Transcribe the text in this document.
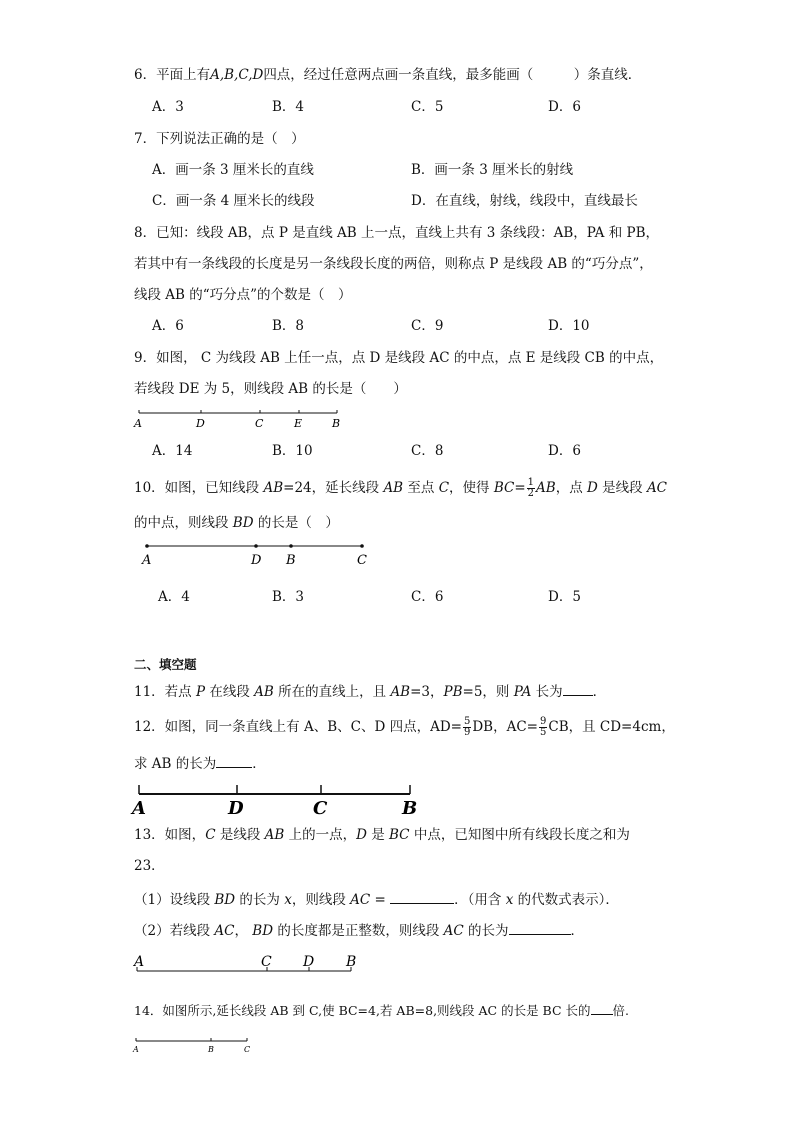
6．平面上有A,B,C,D四点，经过任意两点画一条直线，最多能画（　　　）条直线．
A．3	B．4	C．5	D．6
7．下列说法正确的是（　）
A．画一条 3 厘米长的直线	B．画一条 3 厘米长的射线
C．画一条 4 厘米长的线段	D．在直线，射线，线段中，直线最长
8．已知：线段 AB，点 P 是直线 AB 上一点，直线上共有 3 条线段：AB，PA 和 PB，
若其中有一条线段的长度是另一条线段长度的两倍，则称点 P 是线段 AB 的“巧分点”，
线段 AB 的“巧分点”的个数是（　）
A．6	B．8	C．9	D．10
9．如图， C 为线段 AB 上任一点，点 D 是线段 AC 的中点，点 E 是线段 CB 的中点，
若线段 DE 为 5，则线段 AB 的长是（　　）
A	D	C	E	B
A．14	B．10	C．8	D．6
10．如图，已知线段 AB=24，延长线段 AB 至点 C，使得 $BC= \frac{1}{2}$ AB，点 D 是线段 AC
的中点，则线段 BD 的长是（　）
A	D B	C
A．4	B．3	C．6	D．5
二、填空题
11．若点 P 在线段 AB 所在的直线上，且 AB=3，PB=5，则 PA 长为 ．
12．如图，同一条直线上有 A、B、C、D 四点，$AD= \frac{5}{9}$ DB，$AC= \frac{9}{5}$ CB，且 CD=4cm，
求 AB 的长为	．
A	D	C	B
13．如图，C 是线段 AB 上的一点，D 是 BC 中点，已知图中所有线段长度之和为
23．
（1）设线段 BD 的长为 x，则线段 AC =	．（用含 x 的代数式表示）．
（2）若线段 AC， BD 的长度都是正整数，则线段 AC 的长为	．
A	C D B
14．如图所示,延长线段 AB 到 C,使 BC=4,若 AB=8,则线段 AC 的长是 BC 长的 倍.
A	B	C
